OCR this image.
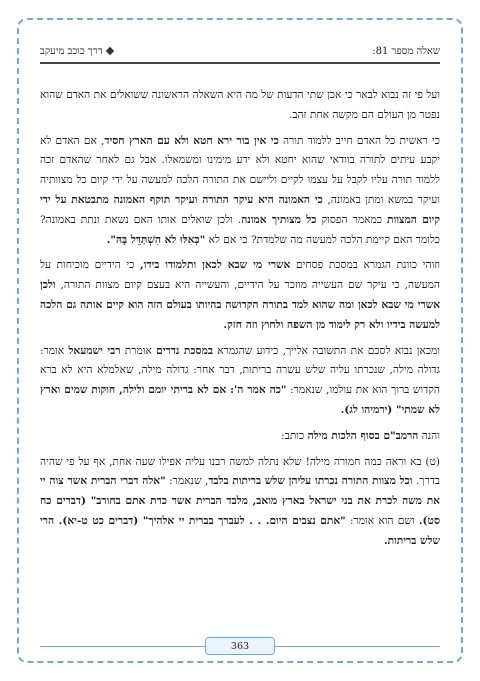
שאלה מספר 81:
דרך כוכב מיעקב

ועל פי זה נבוא לבאר כי אכן שתי הדעות של מה היא השאלה הראשונה ששואלים את האדם שהוא נפטר מן העולם הם מקשה אחת זהב.

כי ראשית כל האדם חייב ללמוד תורה כי אין בור ירא חטא ולא עם הארץ חסיד, אם האדם לא יקבע עיתים לתורה בוודאי שהוא יחטא ולא ידע מימינו ומשמאלו. אבל גם לאחר שהאדם זכה ללמוד תורה עליו לקבל על עצמו לקיים וליישם את התורה הלכה למעשה על ידי קיום כל מצוותיה ועיקר במשא ומתן באמונה, כי האמונה היא עיקר התורה ועיקר תוקף האמונה מתבטאת על ידי קיום המצוות כמאמר הפסוק כל מצותיך אמונה. ולכן שואלים אותו האם נשאת ונתת באמונה? כלומר האם קיימת הלכה למעשה מה שלמדת? כי אם לא "כְּאִלּוּ לֹא הִשְׁתַּדֵּל בָּהּ".

וזוהי כוונת הגמרא במסכת פסחים אשרי מי שבא לכאן ותלמודו בידו, כי הידיים מוכיחות על המעשה, כי עיקר שם העשייה מוזכר על הידיים, והעשייה היא בעצם קיום מצוות התורה, ולכן אשרי מי שבא לכאן ומה שהוא למד בתורה הקדושה בהיותו בעולם הזה הוא קיים אותה גם הלכה למעשה בידיו ולא רק לימוד מן השפה ולחוץ וזה חזק.

ומכאן נבוא לסכם את התשובה אלייך, כידוע שהגמרא במסכת נדרים אומרת רבי ישמעאל אומר: גדולה מילה, שנכרתו עליה שלש עשרה בריתות, דבר אחר: גדולה מילה, שאלמלא היא לא ברא הקדוש ברוך הוא את עולמו, שנאמר: "כה אמר ה': אם לא בריתי יומם ולילה, חוקות שמים וארץ לא שמתי" (ירמיהו לג).

והנה הרמב"ם בסוף הלכות מילה כותב:

(ט) בא וראה כמה חמורה מילה! שלא נתלה למשה רבנו עליה אפילו שעה אחת, אף על פי שהיה בדרך. וכל מצוות התורה נכרתו עליהן שלש בריתות בלבד, שנאמר: "אלה דברי הברית אשר צוה יי את משה לכרת את בני ישראל בארץ מואב, מלבד הברית אשר כרת אתם בחורב" (דברים כח סט). ושם הוא אומר: "אתם נצבים היום. . . לעברך בברית יי אלהיך" (דברים כט ט-יא). הרי שלש בריתות.

363
